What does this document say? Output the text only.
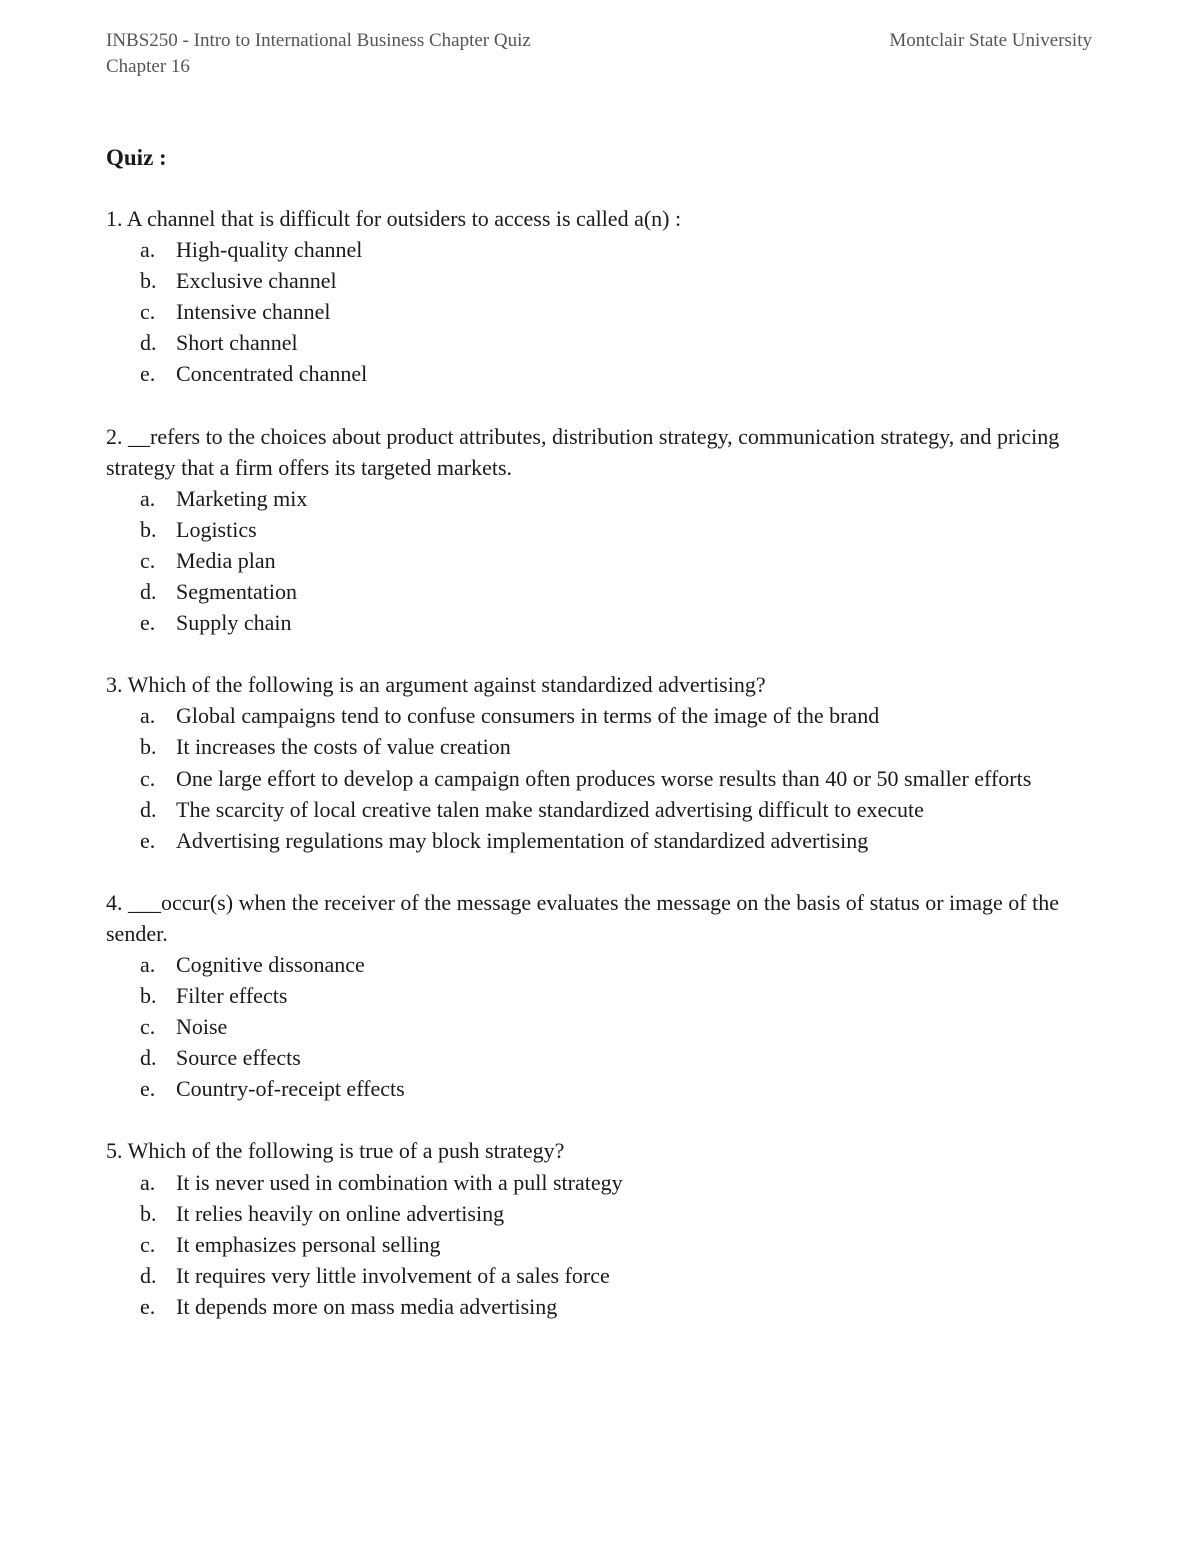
INBS250 - Intro to International Business Chapter Quiz	Montclair State University
Chapter 16
Quiz :

1. A channel that is difficult for outsiders to access is called a(n) :

a. High-quality channel
b. Exclusive channel
c. Intensive channel
d. Short channel
e. Concentrated channel

2. __refers to the choices about product attributes, distribution strategy, communication strategy, and pricing strategy that a firm offers its targeted markets.

a. Marketing mix
b. Logistics
c. Media plan
d. Segmentation
e. Supply chain

3. Which of the following is an argument against standardized advertising?

a. Global campaigns tend to confuse consumers in terms of the image of the brand
b. It increases the costs of value creation
c. One large effort to develop a campaign often produces worse results than 40 or 50 smaller efforts
d. The scarcity of local creative talen make standardized advertising difficult to execute
e. Advertising regulations may block implementation of standardized advertising

4. ___occur(s) when the receiver of the message evaluates the message on the basis of status or image of the sender.

a. Cognitive dissonance
b. Filter effects
c. Noise
d. Source effects
e. Country-of-receipt effects

5. Which of the following is true of a push strategy?

a. It is never used in combination with a pull strategy
b. It relies heavily on online advertising
c. It emphasizes personal selling
d. It requires very little involvement of a sales force
e. It depends more on mass media advertising
